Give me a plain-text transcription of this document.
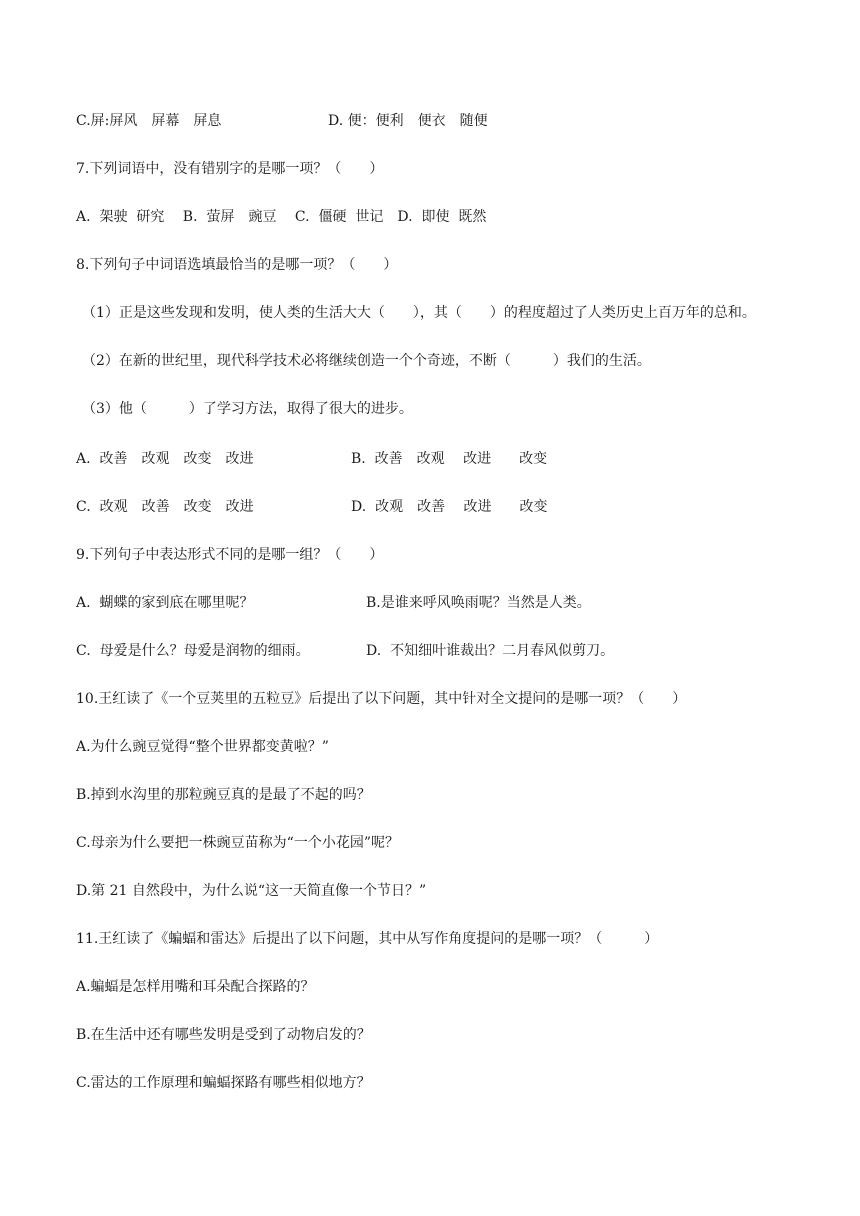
C.屏:屏风　屏幕　屏息	D. 便：便利　便衣　随便
7.下列词语中，没有错别字的是哪一项？（　　）
A.  架驶  研究　 B.  萤屏　豌豆　 C.  僵硬  世记　D.  即使  既然
8.下列句子中词语选填最恰当的是哪一项？（　　）
（1）正是这些发现和发明，使人类的生活大大（　　），其（　　）的程度超过了人类历史上百万年的总和。
（2）在新的世纪里，现代科学技术必将继续创造一个个奇迹，不断（　　　）我们的生活。
（3）他（　　　）了学习方法，取得了很大的进步。
A.  改善　改观　改变　改进	B.  改善　改观　 改进　　改变
C.  改观　改善　改变　改进	D.  改观　改善　 改进　　改变
9.下列句子中表达形式不同的是哪一组？（　　）
A.  蝴蝶的家到底在哪里呢？	B.是谁来呼风唤雨呢？当然是人类。
C.  母爱是什么？母爱是润物的细雨。	D.  不知细叶谁裁出？二月春风似剪刀。
10.王红读了《一个豆荚里的五粒豆》后提出了以下问题，其中针对全文提问的是哪一项？（　　）
A.为什么豌豆觉得“整个世界都变黄啦？”
B.掉到水沟里的那粒豌豆真的是最了不起的吗？
C.母亲为什么要把一株豌豆苗称为“一个小花园”呢？
D.第 21 自然段中，为什么说“这一天简直像一个节日？”
11.王红读了《蝙蝠和雷达》后提出了以下问题，其中从写作角度提问的是哪一项？（　　　）
A.蝙蝠是怎样用嘴和耳朵配合探路的？
B.在生活中还有哪些发明是受到了动物启发的？
C.雷达的工作原理和蝙蝠探路有哪些相似地方？
